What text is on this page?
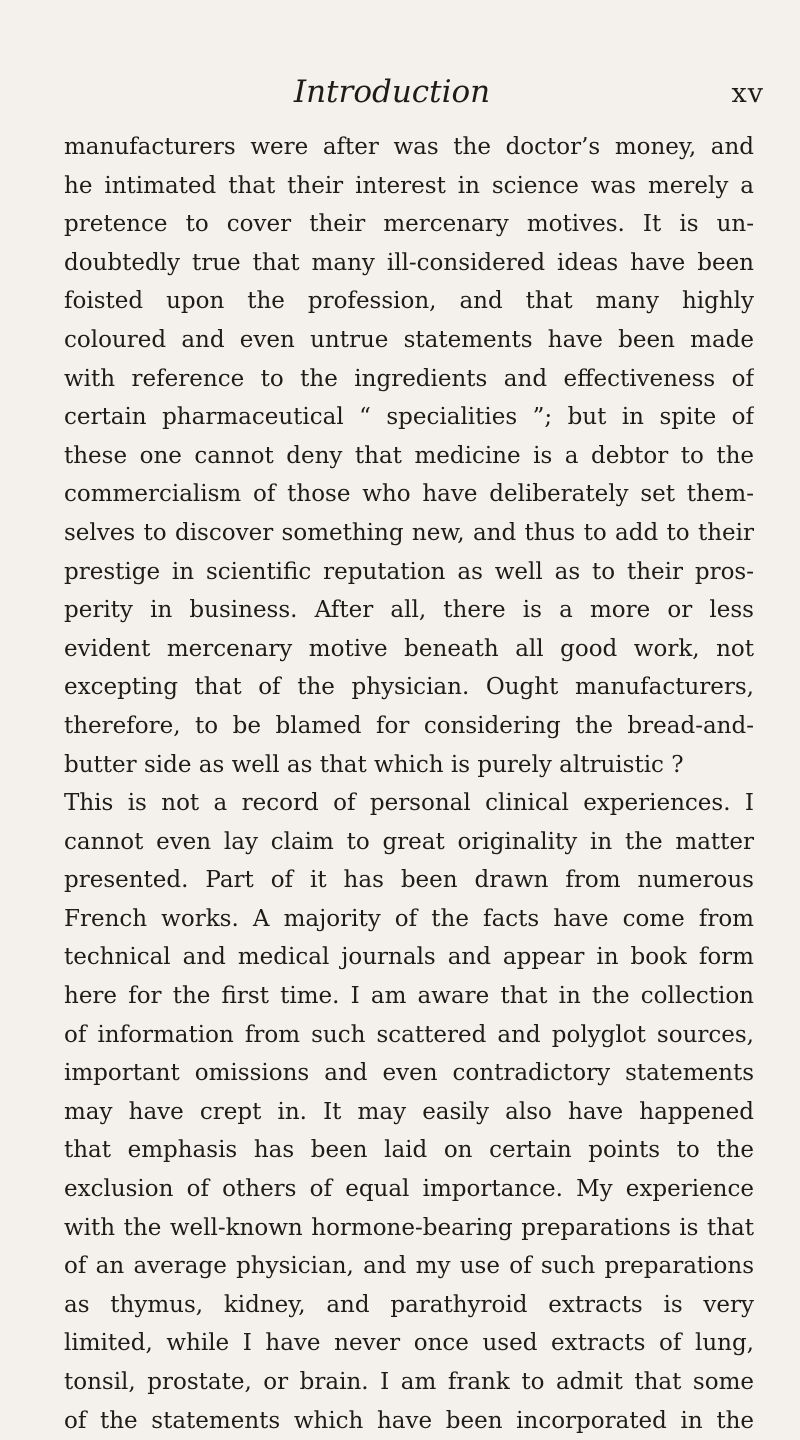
Introduction	xv
manufacturers were after was the doctor’s money, and
he intimated that their interest in science was merely a
pretence to cover their mercenary motives. It is un-
doubtedly true that many ill-considered ideas have been
foisted upon the profession, and that many highly
coloured and even untrue statements have been made
with reference to the ingredients and effectiveness of
certain pharmaceutical “ specialities ”; but in spite of
these one cannot deny that medicine is a debtor to the
commercialism of those who have deliberately set them-
selves to discover something new, and thus to add to their
prestige in scientific reputation as well as to their pros-
perity in business. After all, there is a more or less
evident mercenary motive beneath all good work, not
excepting that of the physician. Ought manufacturers,
therefore, to be blamed for considering the bread-and-
butter side as well as that which is purely altruistic ?
This is not a record of personal clinical experiences. I
cannot even lay claim to great originality in the matter
presented. Part of it has been drawn from numerous
French works. A majority of the facts have come from
technical and medical journals and appear in book form
here for the first time. I am aware that in the collection
of information from such scattered and polyglot sources,
important omissions and even contradictory statements
may have crept in. It may easily also have happened
that emphasis has been laid on certain points to the
exclusion of others of equal importance. My experience
with the well-known hormone-bearing preparations is that
of an average physician, and my use of such preparations
as thymus, kidney, and parathyroid extracts is very
limited, while I have never once used extracts of lung,
tonsil, prostate, or brain. I am frank to admit that some
of the statements which have been incorporated in the
